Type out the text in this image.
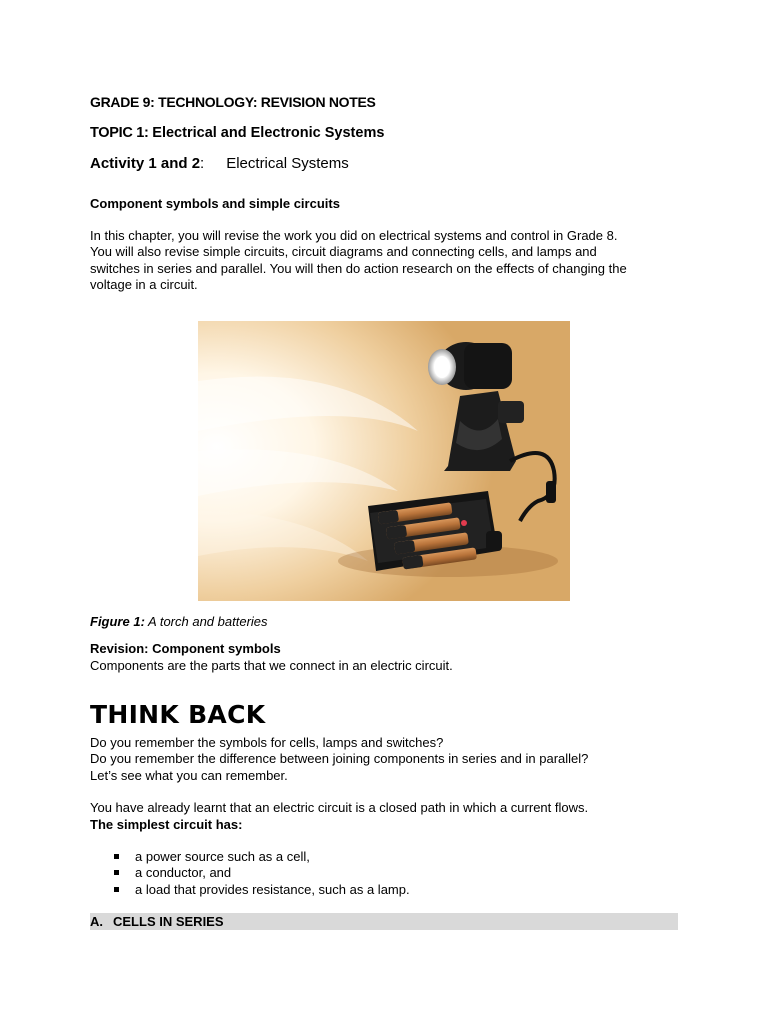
GRADE 9: TECHNOLOGY: REVISION NOTES
TOPIC 1: Electrical and Electronic Systems
Activity 1 and 2: Electrical Systems
Component symbols and simple circuits
In this chapter, you will revise the work you did on electrical systems and control in Grade 8.
You will also revise simple circuits, circuit diagrams and connecting cells, and lamps and
switches in series and parallel. You will then do action research on the effects of changing the
voltage in a circuit.
Figure 1: A torch and batteries
Revision: Component symbols
Components are the parts that we connect in an electric circuit.
THINK BACK
Do you remember the symbols for cells, lamps and switches?
Do you remember the difference between joining components in series and in parallel?
Let’s see what you can remember.
You have already learnt that an electric circuit is a closed path in which a current flows.
The simplest circuit has:
a power source such as a cell,
a conductor, and
a load that provides resistance, such as a lamp.
A. CELLS IN SERIES
